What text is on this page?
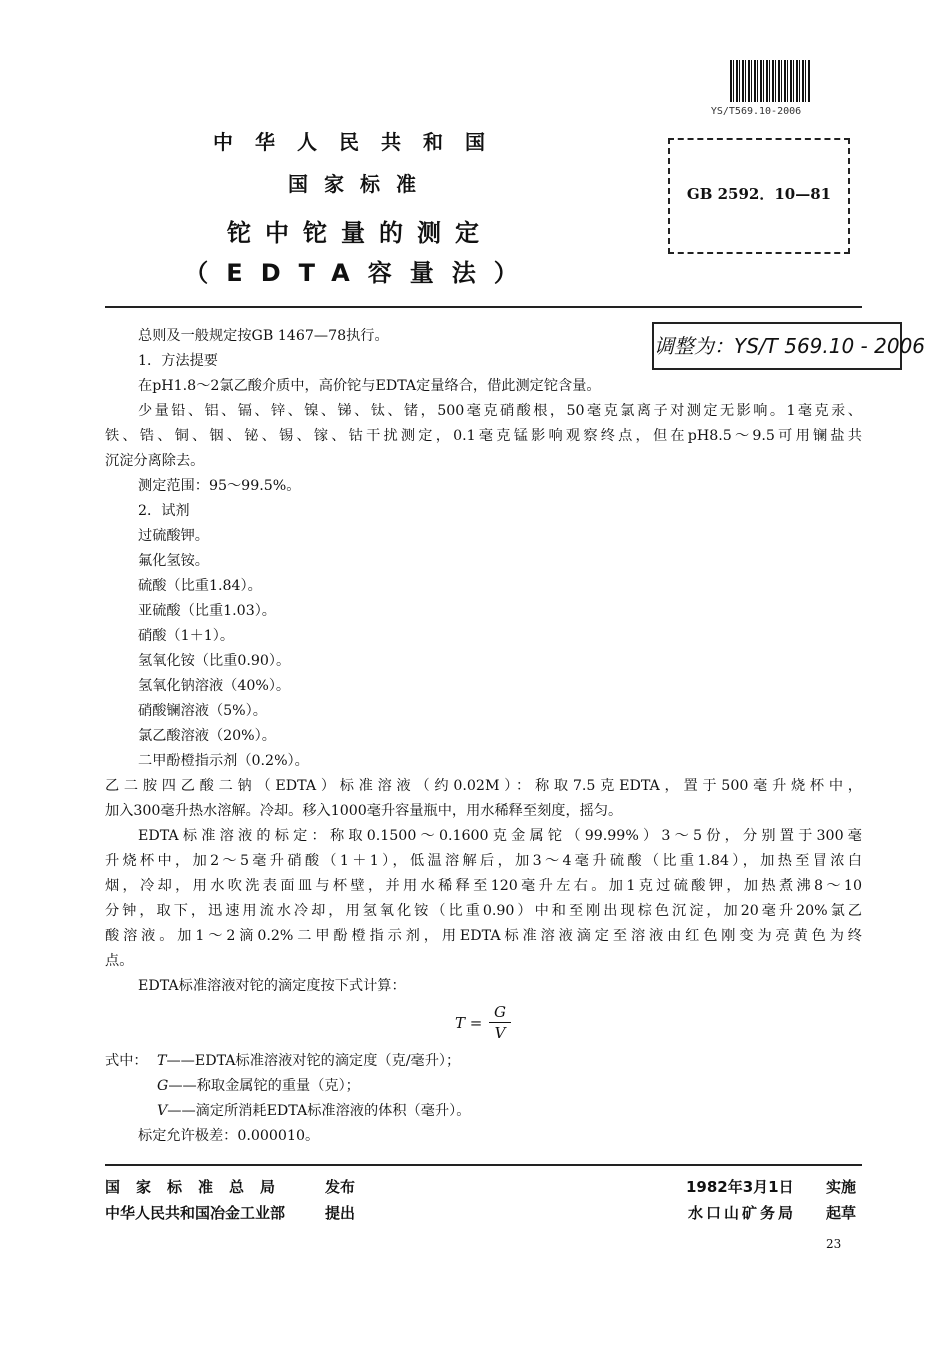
中华人民共和国
国家标准
铊中铊量的测定
（EDTA容量法）
YS/T569.10-2006
GB 2592．10—81
调整为：YS/T 569.10 - 2006
总则及一般规定按GB 1467—78执行。
1．方法提要
在pH1.8～2氯乙酸介质中，高价铊与EDTA定量络合，借此测定铊含量。
少量铅、铝、镉、锌、镍、锑、钛、锗，500毫克硝酸根，50毫克氯离子对测定无影响。1毫克汞、
铁、锆、铜、铟、铋、锡、镓、钴干扰测定，0.1毫克锰影响观察终点，但在pH8.5～9.5可用镧盐共
沉淀分离除去。
测定范围：95～99.5%。
2．试剂
过硫酸钾。
氟化氢铵。
硫酸（比重1.84）。
亚硫酸（比重1.03）。
硝酸（1＋1）。
氢氧化铵（比重0.90）。
氢氧化钠溶液（40%）。
硝酸镧溶液（5%）。
氯乙酸溶液（20%）。
二甲酚橙指示剂（0.2%）。
乙二胺四乙酸二钠（EDTA）标准溶液（约0.02M）：称取7.5克EDTA，置于500毫升烧杯中，
加入300毫升热水溶解。冷却。移入1000毫升容量瓶中，用水稀释至刻度，摇匀。
EDTA标准溶液的标定：称取0.1500～0.1600克金属铊（99.99%）3～5份，分别置于300毫
升烧杯中，加2～5毫升硝酸（1＋1），低温溶解后，加3～4毫升硫酸（比重1.84），加热至冒浓白
烟，冷却，用水吹洗表面皿与杯壁，并用水稀释至120毫升左右。加1克过硫酸钾，加热煮沸8～10
分钟，取下，迅速用流水冷却，用氢氧化铵（比重0.90）中和至刚出现棕色沉淀，加20毫升20%氯乙
酸溶液。加1～2滴0.2%二甲酚橙指示剂，用EDTA标准溶液滴定至溶液由红色刚变为亮黄色为终
点。
EDTA标准溶液对铊的滴定度按下式计算：
T =
G
V
式中： T——EDTA标准溶液对铊的滴定度（克/毫升）；
G——称取金属铊的重量（克）；
V——滴定所消耗EDTA标准溶液的体积（毫升）。
标定允许极差：0.000010。
国家标准总局 发布
中华人民共和国冶金工业部	提出
1982年3月1日 实施
水口山矿务局 起草
23
